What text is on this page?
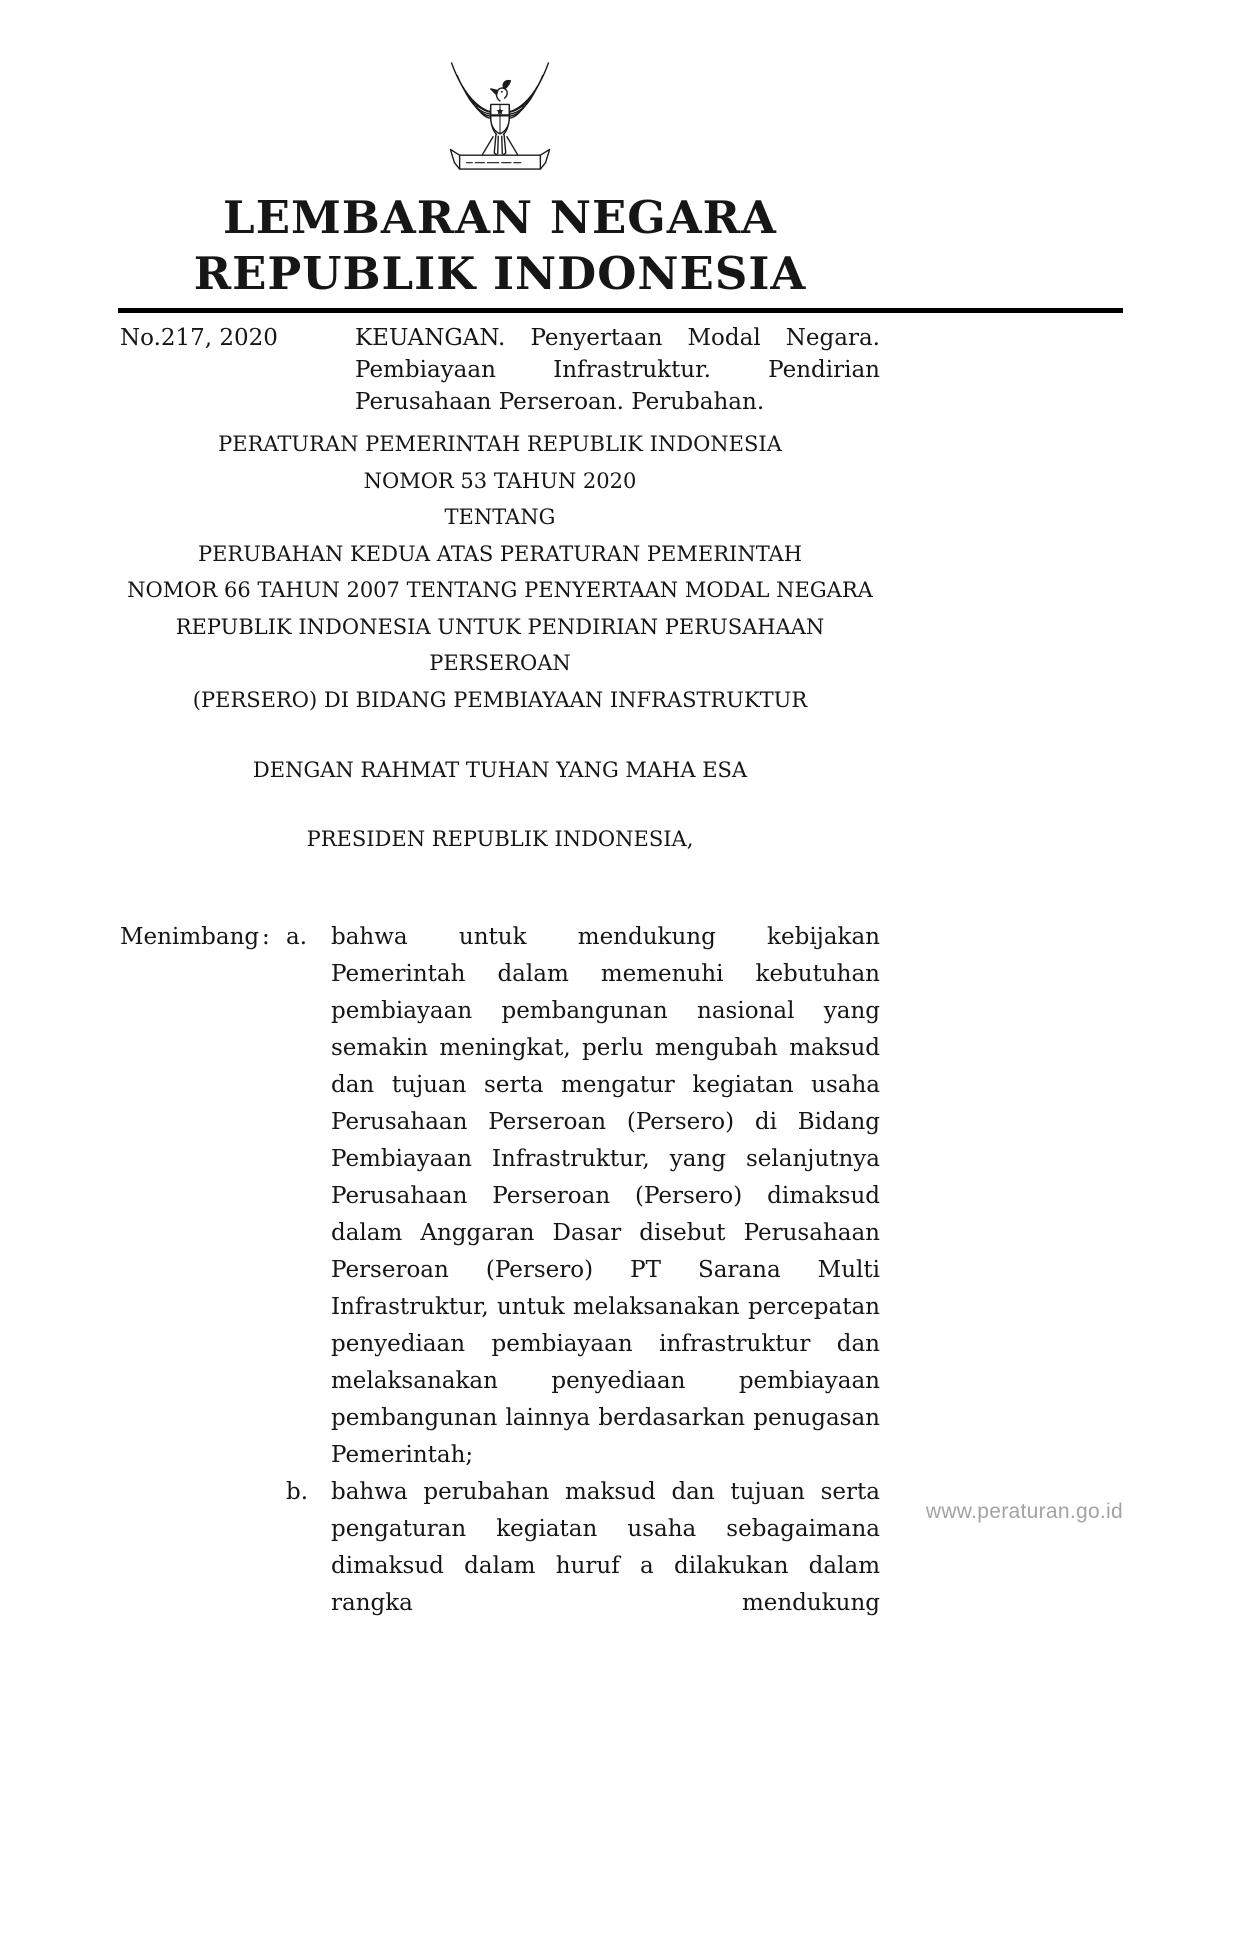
LEMBARAN NEGARA
REPUBLIK INDONESIA
No.217, 2020	KEUANGAN. Penyertaan Modal Negara. Pembiayaan Infrastruktur. Pendirian Perusahaan Perseroan. Perubahan.
PERATURAN PEMERINTAH REPUBLIK INDONESIA
NOMOR 53 TAHUN 2020
TENTANG
PERUBAHAN KEDUA ATAS PERATURAN PEMERINTAH
NOMOR 66 TAHUN 2007 TENTANG PENYERTAAN MODAL NEGARA
REPUBLIK INDONESIA UNTUK PENDIRIAN PERUSAHAAN PERSEROAN
(PERSERO) DI BIDANG PEMBIAYAAN INFRASTRUKTUR
DENGAN RAHMAT TUHAN YANG MAHA ESA
PRESIDEN REPUBLIK INDONESIA,
Menimbang : a.	bahwa untuk mendukung kebijakan Pemerintah dalam memenuhi kebutuhan pembiayaan pembangunan nasional yang semakin meningkat, perlu mengubah maksud dan tujuan serta mengatur kegiatan usaha Perusahaan Perseroan (Persero) di Bidang Pembiayaan Infrastruktur, yang selanjutnya Perusahaan Perseroan (Persero) dimaksud dalam Anggaran Dasar disebut Perusahaan Perseroan (Persero) PT Sarana Multi Infrastruktur, untuk melaksanakan percepatan penyediaan pembiayaan infrastruktur dan melaksanakan penyediaan pembiayaan pembangunan lainnya berdasarkan penugasan Pemerintah;
b. bahwa perubahan maksud dan tujuan serta pengaturan kegiatan usaha sebagaimana dimaksud dalam huruf a dilakukan dalam rangka mendukung
www.peraturan.go.id
